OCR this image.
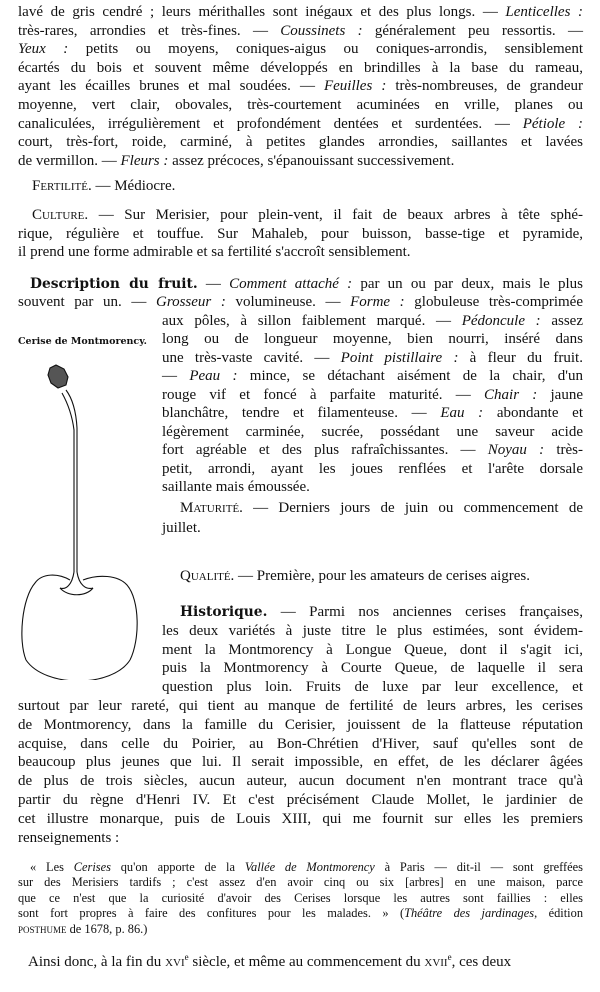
Cerise de Montmorency.
lavé de gris cendré ; leurs mérithalles sont inégaux et des plus longs. — Lenticelles :
très-rares, arrondies et très-fines. — Coussinets : généralement peu ressortis. —
Yeux : petits ou moyens, coniques-aigus ou coniques-arrondis, sensiblement
écartés du bois et souvent même développés en brindilles à la base du rameau,
ayant les écailles brunes et mal soudées. — Feuilles : très-nombreuses, de grandeur
moyenne, vert clair, obovales, très-courtement acuminées en vrille, planes ou
canaliculées, irrégulièrement et profondément dentées et surdentées. — Pétiole :
court, très-fort, roide, carminé, à petites glandes arrondies, saillantes et lavées
de vermillon. — Fleurs : assez précoces, s'épanouissant successivement.
Fertilité. — Médiocre.
Culture. — Sur Merisier, pour plein-vent, il fait de beaux arbres à tête sphé-
rique, régulière et touffue. Sur Mahaleb, pour buisson, basse-tige et pyramide,
il prend une forme admirable et sa fertilité s'accroît sensiblement.
Description du fruit. — Comment attaché : par un ou par deux, mais le plus
souvent par un. — Grosseur : volumineuse. — Forme : globuleuse très-comprimée
aux pôles, à sillon faiblement marqué. — Pédoncule : assez
long ou de longueur moyenne, bien nourri, inséré dans
une très-vaste cavité. — Point pistillaire : à fleur du fruit.
— Peau : mince, se détachant aisément de la chair, d'un
rouge vif et foncé à parfaite maturité. — Chair : jaune
blanchâtre, tendre et filamenteuse. — Eau : abondante et
légèrement carminée, sucrée, possédant une saveur acide
fort agréable et des plus rafraîchissantes. — Noyau : très-
petit, arrondi, ayant les joues renflées et l'arête dorsale
saillante mais émoussée.
Maturité. — Derniers jours de juin ou commencement de
juillet.
Qualité. — Première, pour les amateurs de cerises aigres.
Historique. — Parmi nos anciennes cerises françaises,
les deux variétés à juste titre le plus estimées, sont évidem-
ment la Montmorency à Longue Queue, dont il s'agit ici,
puis la Montmorency à Courte Queue, de laquelle il sera
question plus loin. Fruits de luxe par leur excellence, et
surtout par leur rareté, qui tient au manque de fertilité de leurs arbres, les cerises
de Montmorency, dans la famille du Cerisier, jouissent de la flatteuse réputation
acquise, dans celle du Poirier, au Bon-Chrétien d'Hiver, sauf qu'elles sont de
beaucoup plus jeunes que lui. Il serait impossible, en effet, de les déclarer âgées
de plus de trois siècles, aucun auteur, aucun document n'en montrant trace qu'à
partir du règne d'Henri IV. Et c'est précisément Claude Mollet, le jardinier de
cet illustre monarque, puis de Louis XIII, qui me fournit sur elles les premiers
renseignements :
« Les Cerises qu'on apporte de la Vallée de Montmorency à Paris — dit-il — sont greffées
sur des Merisiers tardifs ; c'est assez d'en avoir cinq ou six [arbres] en une maison, parce
que ce n'est que la curiosité d'avoir des Cerises lorsque les autres sont faillies : elles
sont fort propres à faire des confitures pour les malades. » (Théâtre des jardinages, édition
posthume de 1678, p. 86.)
Ainsi donc, à la fin du xvi$^e$ siècle, et même au commencement du xvii$^e$, ces deux
